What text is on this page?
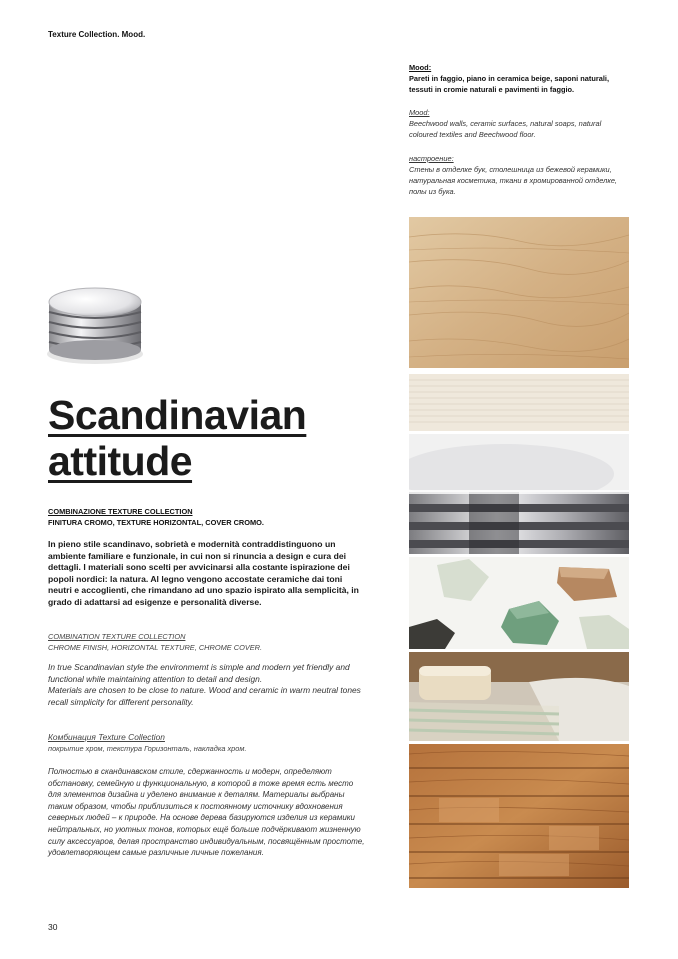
Texture Collection. Mood.
Mood:
Pareti in faggio, piano in ceramica beige, saponi naturali, tessuti in cromie naturali e pavimenti in faggio.
Mood:
Beechwood walls, ceramic surfaces, natural soaps, natural coloured textiles and Beechwood floor.
настроение:
Стены в отделке бук, столешница из бежевой керамики, натуральная косметика, ткани в хромированной отделке, полы из бука.
Scandinavian
attitude
COMBINAZIONE TEXTURE COLLECTION
FINITURA CROMO, TEXTURE HORIZONTAL, COVER CROMO.
In pieno stile scandinavo, sobrietà e modernità contraddistinguono un ambiente familiare e funzionale, in cui non si rinuncia a design e cura dei dettagli. I materiali sono scelti per avvicinarsi alla costante ispirazione dei popoli nordici: la natura. Al legno vengono accostate ceramiche dai toni neutri e accoglienti, che rimandano ad uno spazio ispirato alla semplicità, in grado di adattarsi ad esigenze e personalità diverse.
COMBINATION TEXTURE COLLECTION
CHROME FINISH, HORIZONTAL TEXTURE, CHROME COVER.
In true Scandinavian style the environmemt is simple and modern yet friendly and functional while maintaining attention to detail and design.
Materials are chosen to be close to nature. Wood and ceramic in warm neutral tones recall simplicity for different personality.
Комбинация Texture Collection
покрытие хром, текстура Горизонталь, накладка хром.
Полностью в скандинавском стиле, сдержанность и модерн, определяют обстановку, семейную и функциональную, в которой в тоже время есть место для элементов дизайна и уделено внимание к деталям. Материалы выбраны таким образом, чтобы приблизиться к постоянному источнику вдохновения северных людей – к природе. На основе дерева базируются изделия из керамики нейтральных, но уютных тонов, которых ещё больше подчёркивают жизненную силу аксессуаров, делая пространство индивидуальным, посвящённым простоте, удовлетворяющем самые различные личные пожелания.
30
